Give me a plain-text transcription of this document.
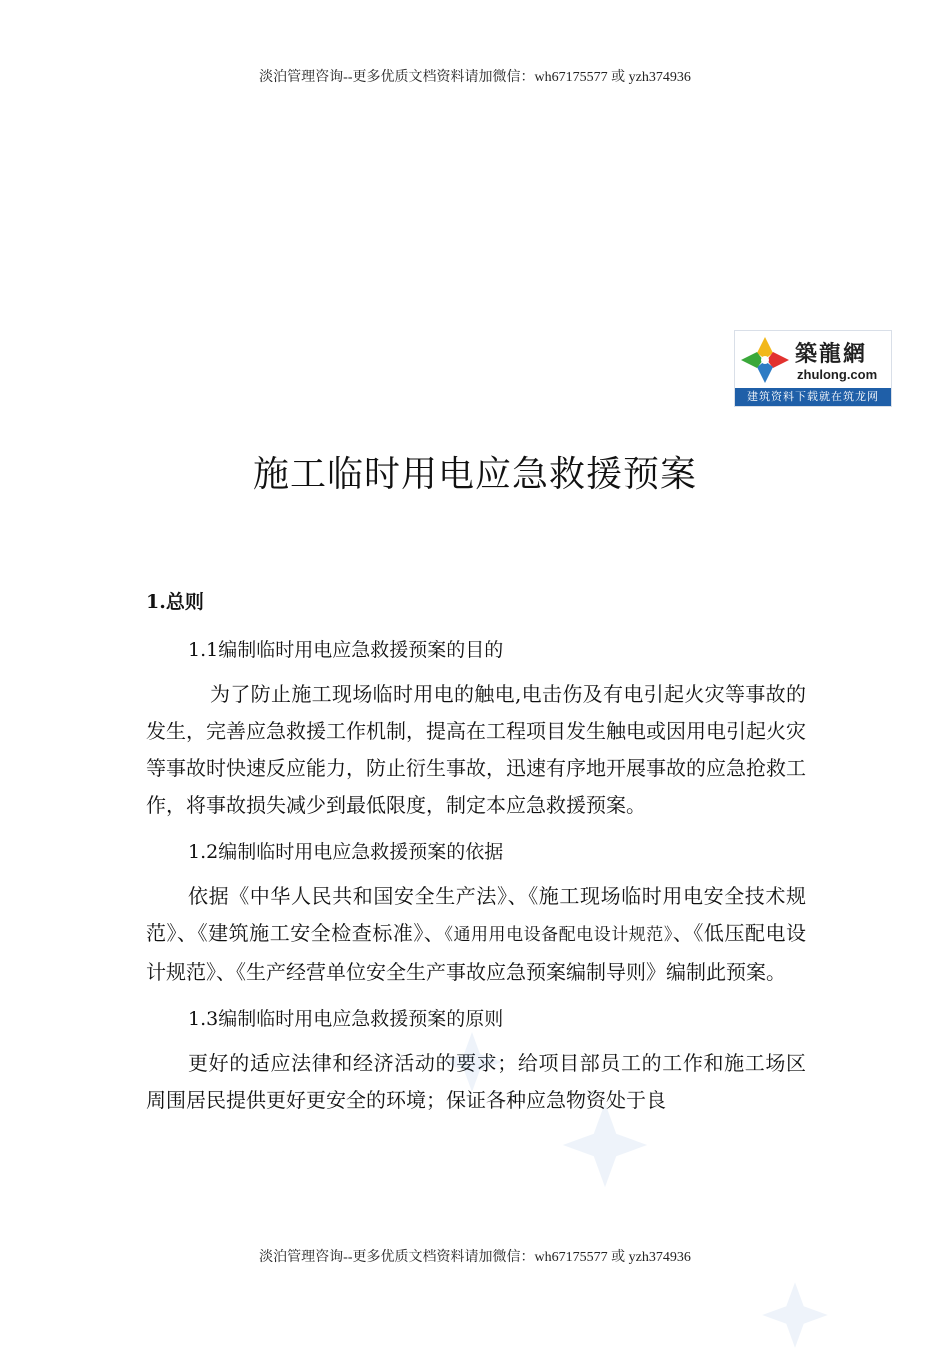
淡泊管理咨询--更多优质文档资料请加微信：wh67175577 或 yzh374936
築龍網
zhulong.com
建筑资料下载就在筑龙网
施工临时用电应急救援预案
1.总则
1.1编制临时用电应急救援预案的目的

为了防止施工现场临时用电的触电,电击伤及有电引起火灾等事故的发生，完善应急救援工作机制，提高在工程项目发生触电或因用电引起火灾等事故时快速反应能力，防止衍生事故，迅速有序地开展事故的应急抢救工作，将事故损失减少到最低限度，制定本应急救援预案。

1.2编制临时用电应急救援预案的依据

依据《中华人民共和国安全生产法》、《施工现场临时用电安全技术规范》、《建筑施工安全检查标准》、《通用用电设备配电设计规范》、《低压配电设计规范》、《生产经营单位安全生产事故应急预案编制导则》编制此预案。

1.3编制临时用电应急救援预案的原则

更好的适应法律和经济活动的要求；给项目部员工的工作和施工场区周围居民提供更好更安全的环境；保证各种应急物资处于良

淡泊管理咨询--更多优质文档资料请加微信：wh67175577 或 yzh374936
